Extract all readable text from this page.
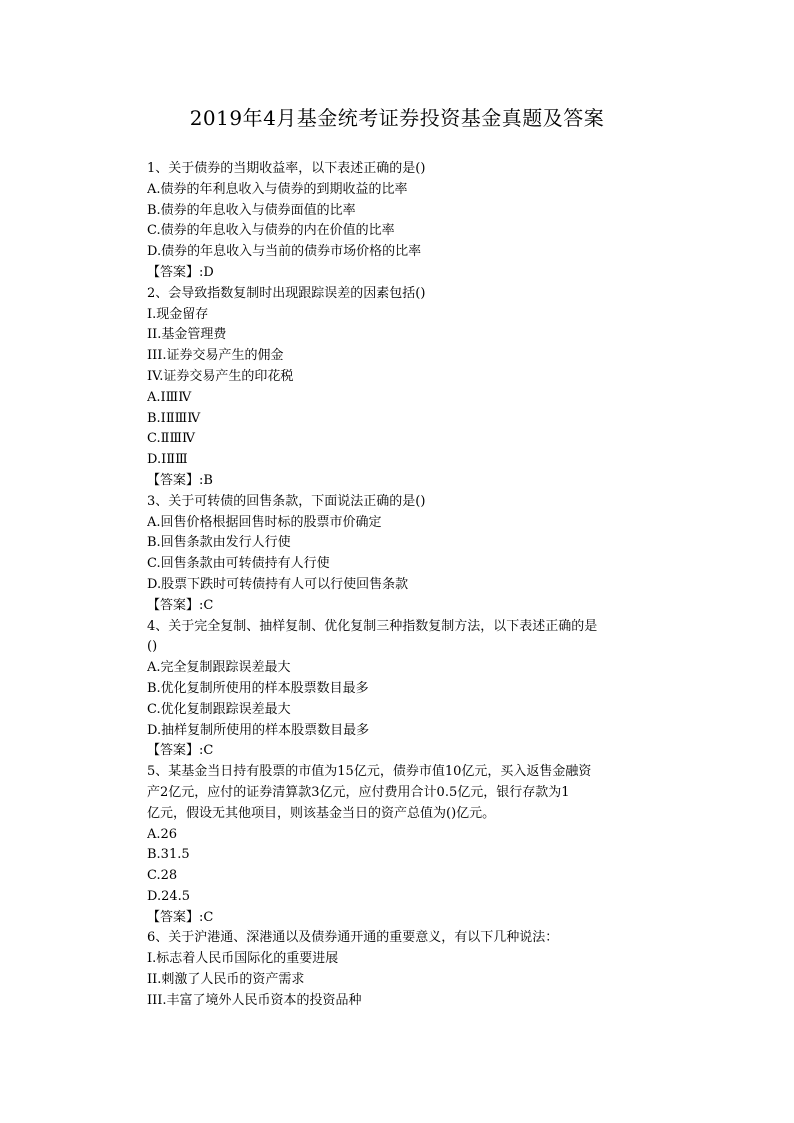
2019年4月基金统考证券投资基金真题及答案
1、关于债券的当期收益率，以下表述正确的是()
A.债券的年利息收入与债券的到期收益的比率
B.债券的年息收入与债券面值的比率
C.债券的年息收入与债券的内在价值的比率
D.债券的年息收入与当前的债券市场价格的比率
【答案】:D
2、会导致指数复制时出现跟踪误差的因素包括()
I.现金留存
II.基金管理费
III.证券交易产生的佣金
IV.证券交易产生的印花税
A.ⅠⅢⅣ
B.ⅠⅡⅢⅣ
C.ⅡⅢⅣ
D.ⅠⅡⅢ
【答案】:B
3、关于可转债的回售条款，下面说法正确的是()
A.回售价格根据回售时标的股票市价确定
B.回售条款由发行人行使
C.回售条款由可转债持有人行使
D.股票下跌时可转债持有人可以行使回售条款
【答案】:C
4、关于完全复制、抽样复制、优化复制三种指数复制方法，以下表述正确的是
()
A.完全复制跟踪误差最大
B.优化复制所使用的样本股票数目最多
C.优化复制跟踪误差最大
D.抽样复制所使用的样本股票数目最多
【答案】:C
5、某基金当日持有股票的市值为15亿元，债券市值10亿元，买入返售金融资
产2亿元，应付的证券清算款3亿元，应付费用合计0.5亿元，银行存款为1
亿元，假设无其他项目，则该基金当日的资产总值为()亿元。
A.26
B.31.5
C.28
D.24.5
【答案】:C
6、关于沪港通、深港通以及债券通开通的重要意义，有以下几种说法：
I.标志着人民币国际化的重要进展
II.刺激了人民币的资产需求
III.丰富了境外人民币资本的投资品种
